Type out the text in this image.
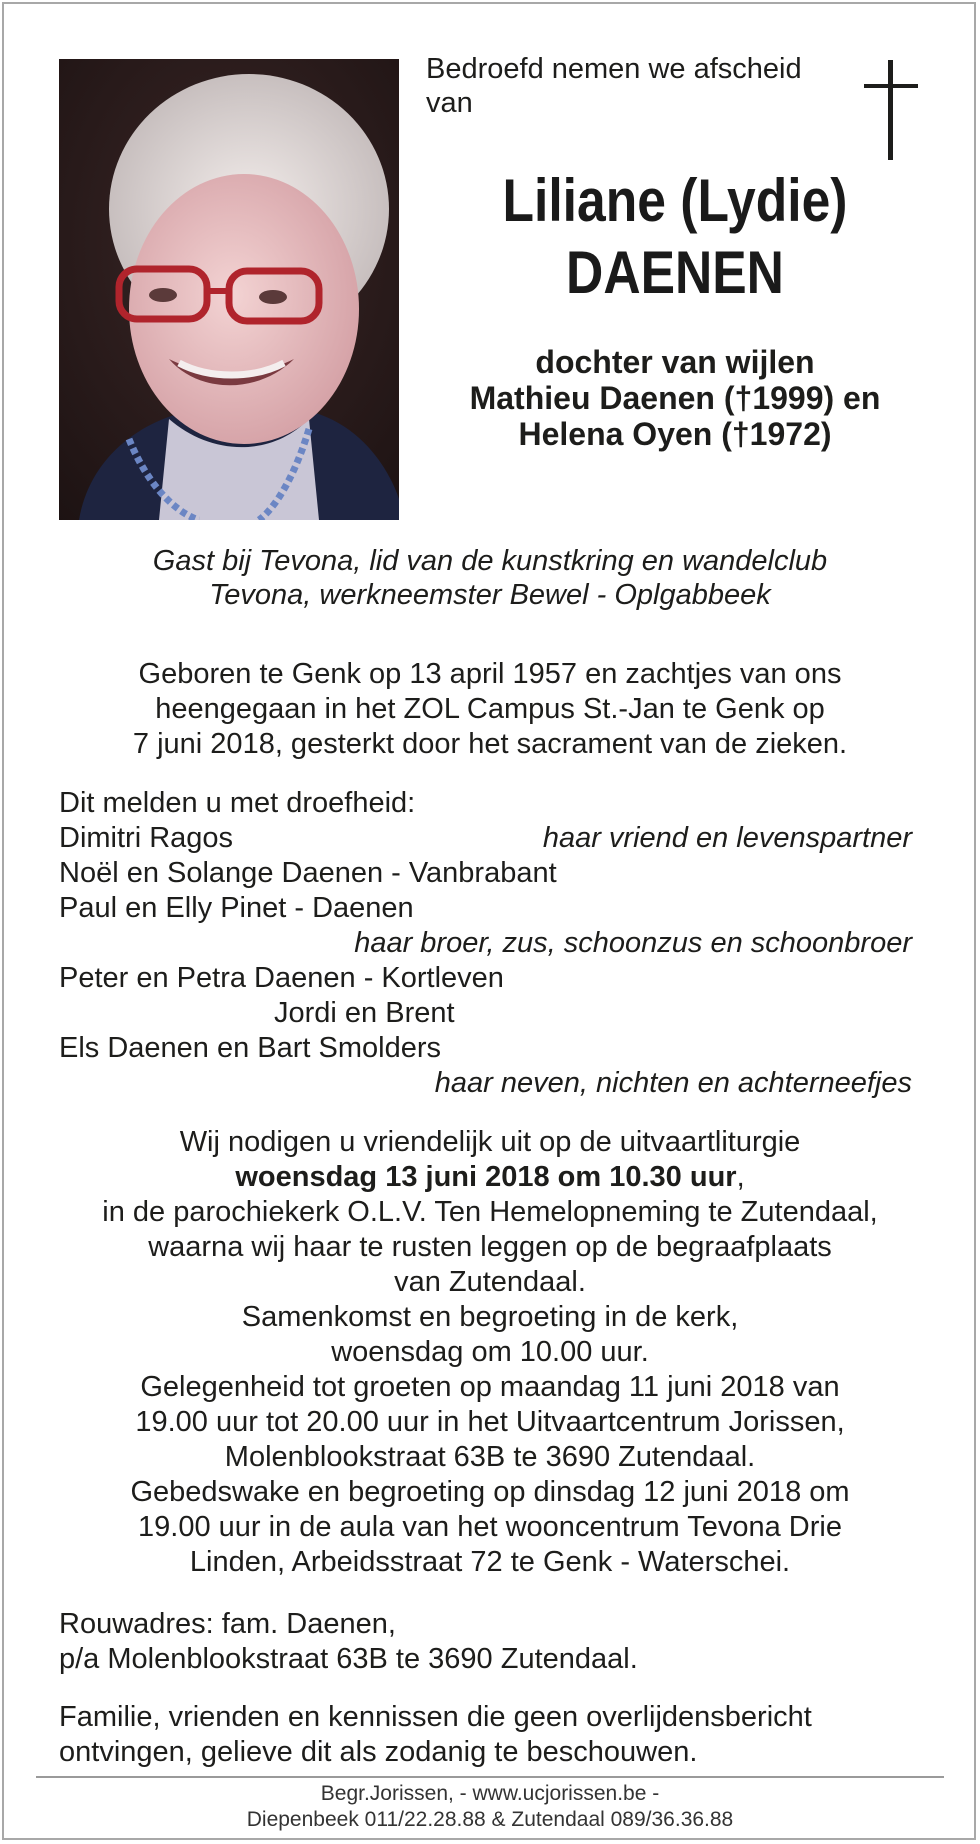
Bedroefd nemen we afscheid
van
Liliane (Lydie)
DAENEN
dochter van wijlen
Mathieu Daenen (†1999) en
Helena Oyen (†1972)
Gast bij Tevona, lid van de kunstkring en wandelclub
Tevona, werkneemster Bewel - Oplgabbeek
Geboren te Genk op 13 april 1957 en zachtjes van ons
heengegaan in het ZOL Campus St.-Jan te Genk op
7 juni 2018, gesterkt door het sacrament van de zieken.
Dit melden u met droefheid:
Dimitri Ragos	haar vriend en levenspartner
Noël en Solange Daenen - Vanbrabant
Paul en Elly Pinet - Daenen
haar broer, zus, schoonzus en schoonbroer
Peter en Petra Daenen - Kortleven
Jordi en Brent
Els Daenen en Bart Smolders
haar neven, nichten en achterneefjes
Wij nodigen u vriendelijk uit op de uitvaartliturgie
woensdag 13 juni 2018 om 10.30 uur,
in de parochiekerk O.L.V. Ten Hemelopneming te Zutendaal,
waarna wij haar te rusten leggen op de begraafplaats
van Zutendaal.
Samenkomst en begroeting in de kerk,
woensdag om 10.00 uur.
Gelegenheid tot groeten op maandag 11 juni 2018 van
19.00 uur tot 20.00 uur in het Uitvaartcentrum Jorissen,
Molenblookstraat 63B te 3690 Zutendaal.
Gebedswake en begroeting op dinsdag 12 juni 2018 om
19.00 uur in de aula van het wooncentrum Tevona Drie
Linden, Arbeidsstraat 72 te Genk - Waterschei.
Rouwadres: fam. Daenen,
p/a Molenblookstraat 63B te 3690 Zutendaal.
Familie, vrienden en kennissen die geen overlijdensbericht
ontvingen, gelieve dit als zodanig te beschouwen.
Begr.Jorissen, - www.ucjorissen.be -
Diepenbeek 011/22.28.88 & Zutendaal 089/36.36.88
